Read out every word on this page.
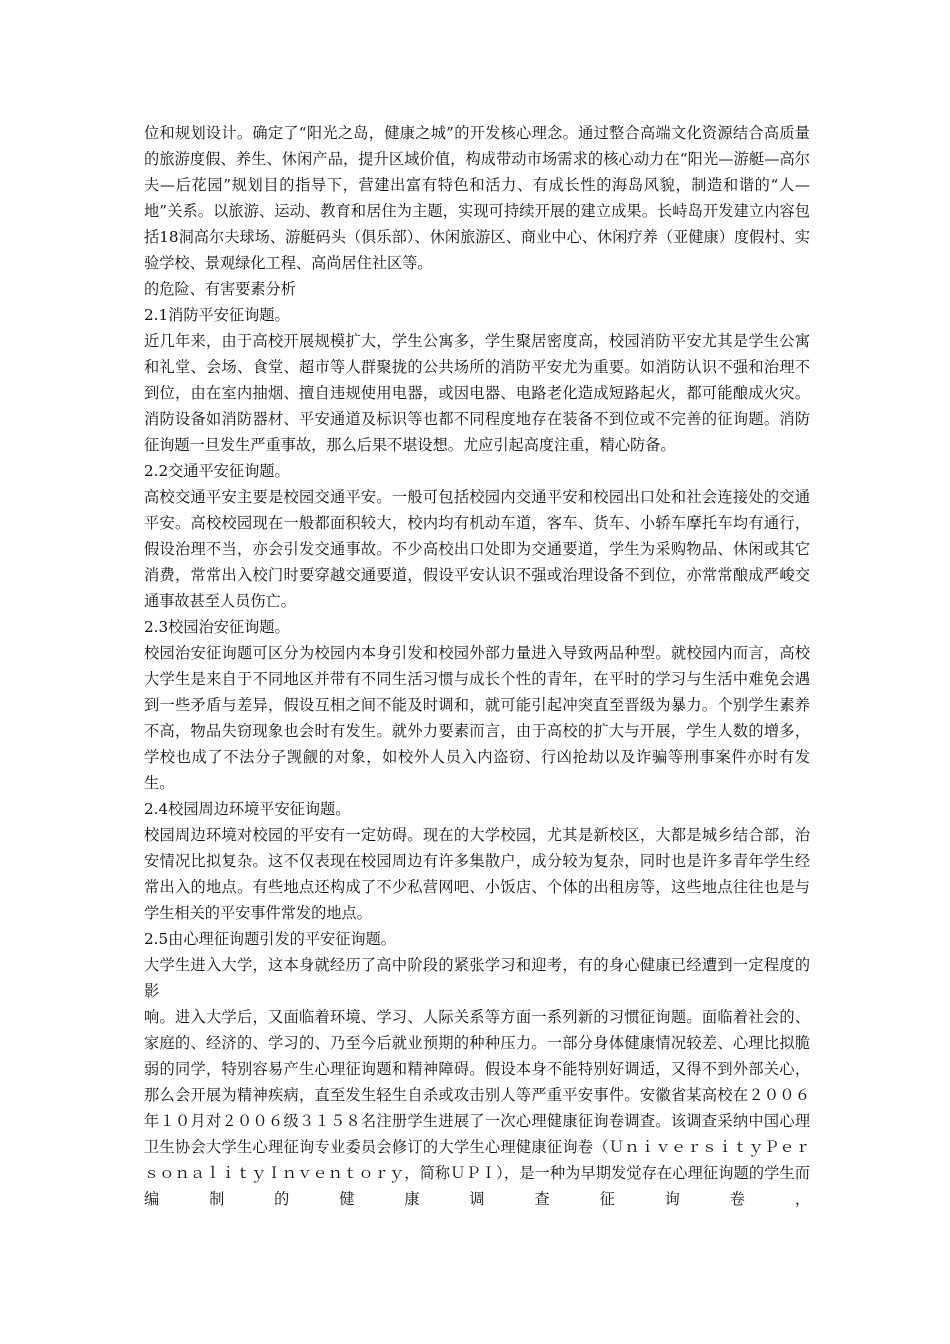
位和规划设计。确定了“阳光之岛，健康之城”的开发核心理念。通过整合高端文化资源结合高质量的旅游度假、养生、休闲产品，提升区域价值，构成带动市场需求的核心动力在“阳光—游艇—高尔夫—后花园”规划目的指导下，营建出富有特色和活力、有成长性的海岛风貌，制造和谐的“人—地”关系。以旅游、运动、教育和居住为主题，实现可持续开展的建立成果。长峙岛开发建立内容包括18洞高尔夫球场、游艇码头（俱乐部）、休闲旅游区、商业中心、休闲疗养（亚健康）度假村、实验学校、景观绿化工程、高尚居住社区等。

的危险、有害要素分析

2.1消防平安征询题。

近几年来，由于高校开展规模扩大，学生公寓多，学生聚居密度高，校园消防平安尤其是学生公寓和礼堂、会场、食堂、超市等人群聚拢的公共场所的消防平安尤为重要。如消防认识不强和治理不到位，由在室内抽烟、擅自违规使用电器，或因电器、电路老化造成短路起火，都可能酿成火灾。消防设备如消防器材、平安通道及标识等也都不同程度地存在装备不到位或不完善的征询题。消防征询题一旦发生严重事故，那么后果不堪设想。尤应引起高度注重，精心防备。

2.2交通平安征询题。

高校交通平安主要是校园交通平安。一般可包括校园内交通平安和校园出口处和社会连接处的交通平安。高校校园现在一般都面积较大，校内均有机动车道，客车、货车、小轿车摩托车均有通行，假设治理不当，亦会引发交通事故。不少高校出口处即为交通要道，学生为采购物品、休闲或其它消费，常常出入校门时要穿越交通要道，假设平安认识不强或治理设备不到位，亦常常酿成严峻交通事故甚至人员伤亡。

2.3校园治安征询题。

校园治安征询题可区分为校园内本身引发和校园外部力量进入导致两品种型。就校园内而言，高校大学生是来自于不同地区并带有不同生活习惯与成长个性的青年，在平时的学习与生活中难免会遇到一些矛盾与差异，假设互相之间不能及时调和，就可能引起冲突直至晋级为暴力。个别学生素养不高，物品失窃现象也会时有发生。就外力要素而言，由于高校的扩大与开展，学生人数的增多，学校也成了不法分子觊觎的对象，如校外人员入内盗窃、行凶抢劫以及诈骗等刑事案件亦时有发生。

2.4校园周边环境平安征询题。

校园周边环境对校园的平安有一定妨碍。现在的大学校园，尤其是新校区，大都是城乡结合部，治安情况比拟复杂。这不仅表现在校园周边有许多集散户，成分较为复杂，同时也是许多青年学生经常出入的地点。有些地点还构成了不少私营网吧、小饭店、个体的出租房等，这些地点往往也是与学生相关的平安事件常发的地点。

2.5由心理征询题引发的平安征询题。

大学生进入大学，这本身就经历了高中阶段的紧张学习和迎考，有的身心健康已经遭到一定程度的影

响。进入大学后，又面临着环境、学习、人际关系等方面一系列新的习惯征询题。面临着社会的、家庭的、经济的、学习的、乃至今后就业预期的种种压力。一部分身体健康情况较差、心理比拟脆弱的同学，特别容易产生心理征询题和精神障碍。假设本身不能特别好调适，又得不到外部关心，那么会开展为精神疾病，直至发生轻生自杀或攻击别人等严重平安事件。安徽省某高校在２００６年１０月对２００６级３１５８名注册学生进展了一次心理健康征询卷调查。该调查采纳中国心理卫生协会大学生心理征询专业委员会修订的大学生心理健康征询卷（ＵｎｉｖｅｒｓｉｔｙＰｅｒｓｏｎａｌｉｔｙＩｎｖｅｎｔｏｒｙ，简称ＵＰＩ），是一种为早期发觉存在心理征询题的学生而编制的健康调查征询卷，
